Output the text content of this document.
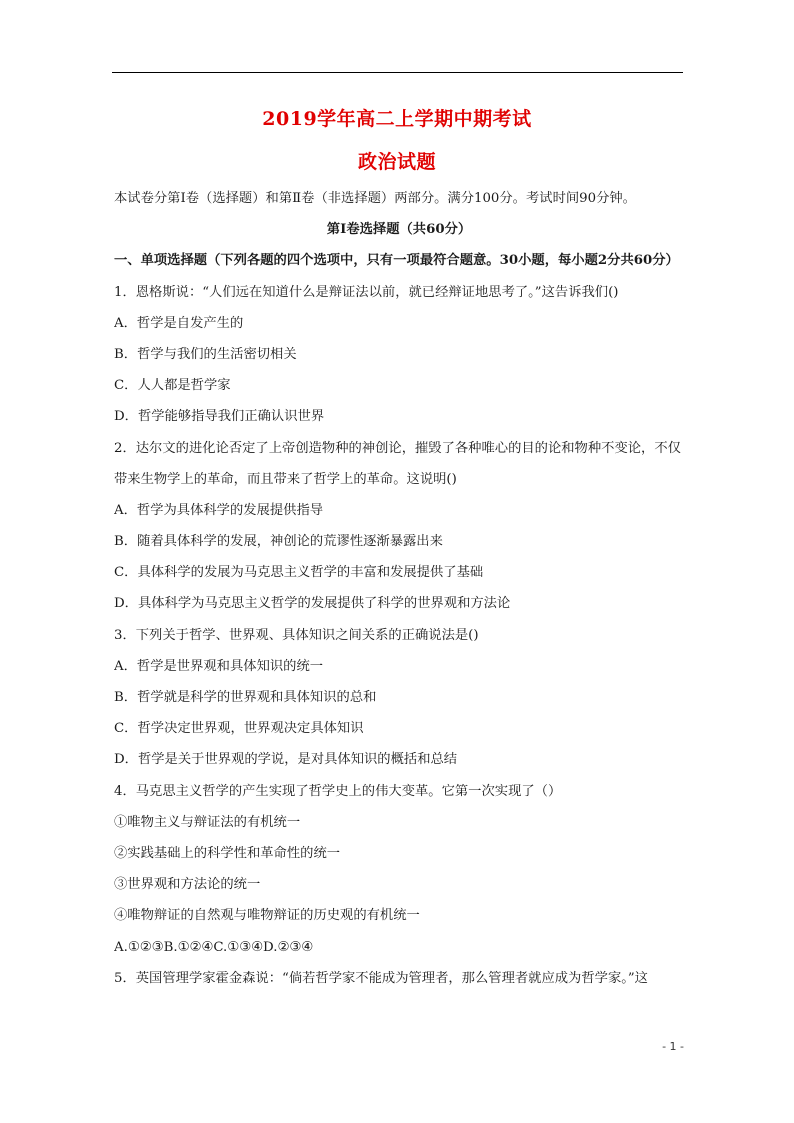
2019学年高二上学期中期考试
政治试题
本试卷分第Ⅰ卷（选择题）和第Ⅱ卷（非选择题）两部分。满分100分。考试时间90分钟。
第Ⅰ卷选择题（共60分）
一、单项选择题（下列各题的四个选项中，只有一项最符合题意。30小题，每小题2分共60分）
1．恩格斯说：“人们远在知道什么是辩证法以前，就已经辩证地思考了。”这告诉我们()
A．哲学是自发产生的
B．哲学与我们的生活密切相关
C．人人都是哲学家
D．哲学能够指导我们正确认识世界
2．达尔文的进化论否定了上帝创造物种的神创论，摧毁了各种唯心的目的论和物种不变论，不仅带来生物学上的革命，而且带来了哲学上的革命。这说明()
A．哲学为具体科学的发展提供指导
B．随着具体科学的发展，神创论的荒谬性逐渐暴露出来
C．具体科学的发展为马克思主义哲学的丰富和发展提供了基础
D．具体科学为马克思主义哲学的发展提供了科学的世界观和方法论
3．下列关于哲学、世界观、具体知识之间关系的正确说法是()
A．哲学是世界观和具体知识的统一
B．哲学就是科学的世界观和具体知识的总和
C．哲学决定世界观，世界观决定具体知识
D．哲学是关于世界观的学说，是对具体知识的概括和总结
4．马克思主义哲学的产生实现了哲学史上的伟大变革。它第一次实现了（）
①唯物主义与辩证法的有机统一
②实践基础上的科学性和革命性的统一
③世界观和方法论的统一
④唯物辩证的自然观与唯物辩证的历史观的有机统一
A.①②③B.①②④C.①③④D.②③④
5．英国管理学家霍金森说：“倘若哲学家不能成为管理者，那么管理者就应成为哲学家。”这
- 1 -
